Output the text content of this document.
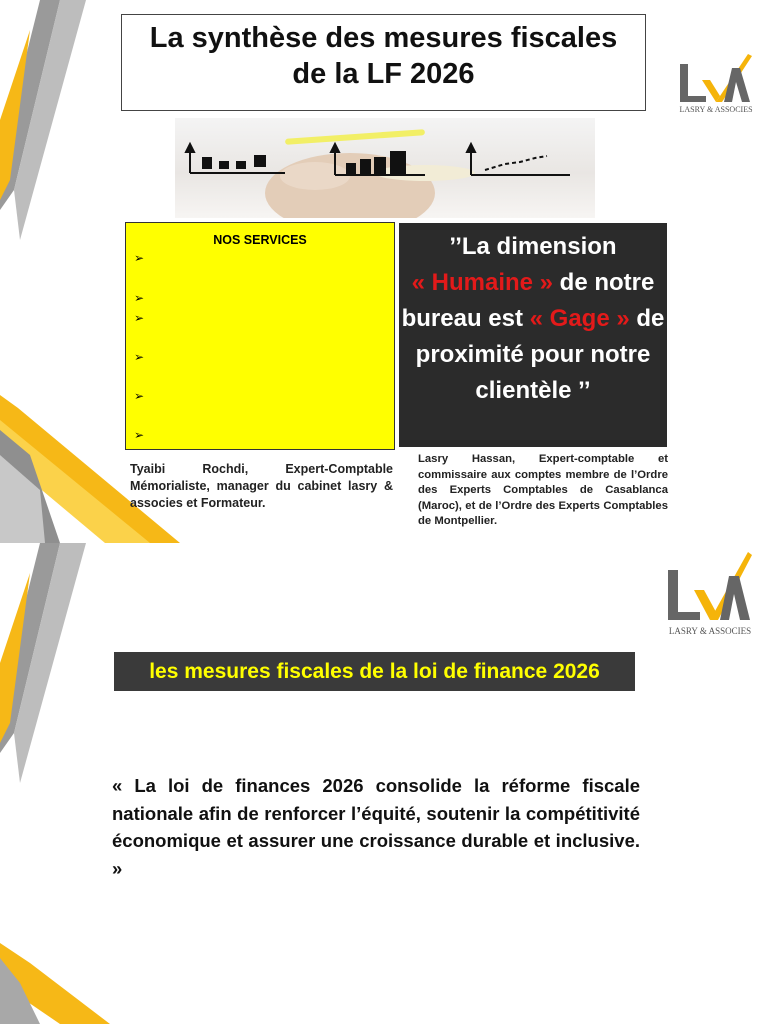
La synthèse des mesures fiscales
de la LF 2026
LASRY & ASSOCIES
NOS SERVICES
➢
➢
➢
➢
➢
➢
’’La dimension
« Humaine » de notre bureau est « Gage » de proximité pour notre clientèle ’’
Tyaibi Rochdi, Expert-Comptable Mémorialiste, manager du cabinet lasry & associes et Formateur.
Lasry Hassan, Expert-comptable et commissaire aux comptes membre de l’Ordre des Experts Comptables de Casablanca (Maroc), et de l’Ordre des Experts Comptables de Montpellier.
LASRY & ASSOCIES
les mesures fiscales de la loi de finance 2026
« La loi de finances 2026 consolide la réforme fiscale nationale afin de renforcer l’équité, soutenir la compétitivité économique et assurer une croissance durable et inclusive. »
